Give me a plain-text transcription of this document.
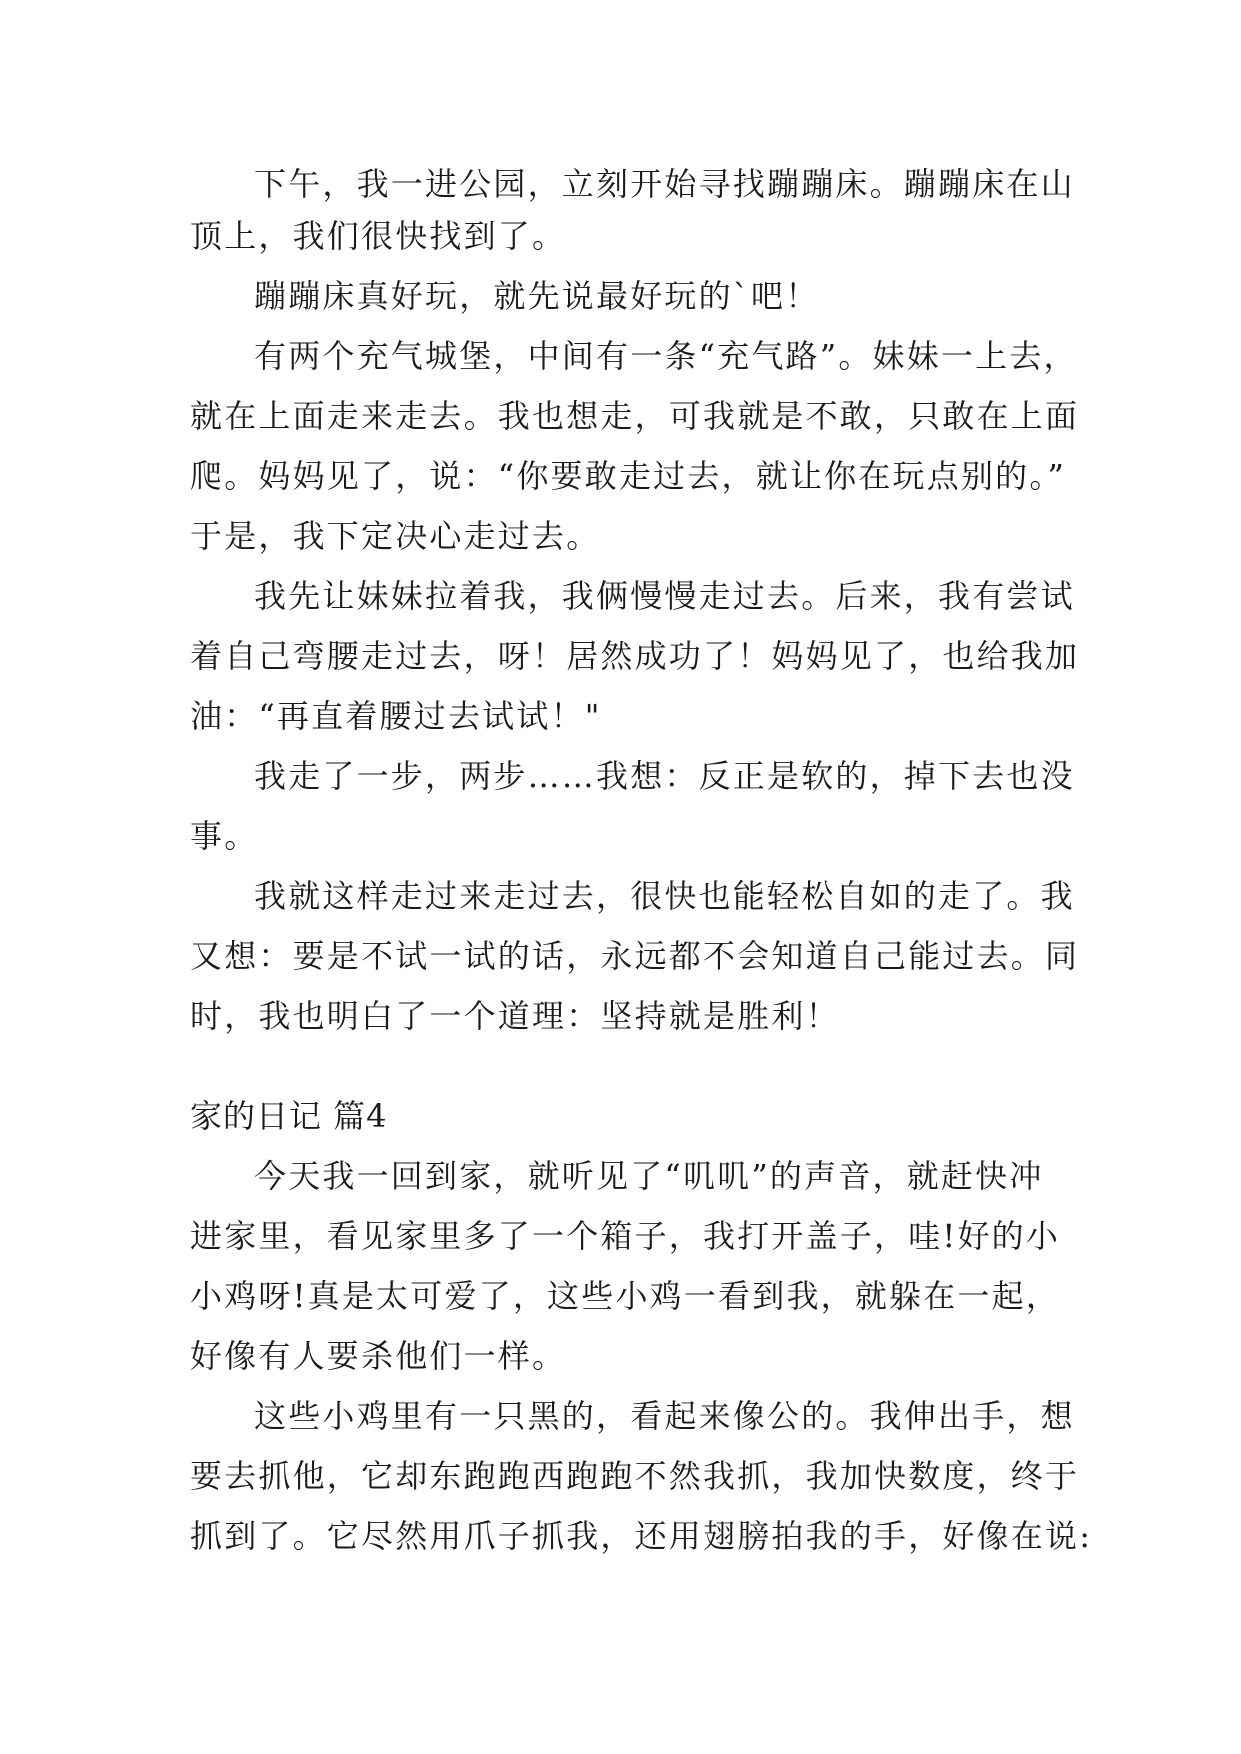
下午，我一进公园，立刻开始寻找蹦蹦床。蹦蹦床在山
顶上，我们很快找到了。
蹦蹦床真好玩，就先说最好玩的`吧！
有两个充气城堡，中间有一条“充气路”。妹妹一上去，
就在上面走来走去。我也想走，可我就是不敢，只敢在上面
爬。妈妈见了，说：“你要敢走过去，就让你在玩点别的。”
于是，我下定决心走过去。
我先让妹妹拉着我，我俩慢慢走过去。后来，我有尝试
着自己弯腰走过去，呀！居然成功了！妈妈见了，也给我加
油：“再直着腰过去试试！"
我走了一步，两步……我想：反正是软的，掉下去也没
事。
我就这样走过来走过去，很快也能轻松自如的走了。我
又想：要是不试一试的话，永远都不会知道自己能过去。同
时，我也明白了一个道理：坚持就是胜利！
家的日记 篇4
今天我一回到家，就听见了“叽叽”的声音，就赶快冲
进家里，看见家里多了一个箱子，我打开盖子，哇!好的小
小鸡呀!真是太可爱了，这些小鸡一看到我，就躲在一起，
好像有人要杀他们一样。
这些小鸡里有一只黑的，看起来像公的。我伸出手，想
要去抓他，它却东跑跑西跑跑不然我抓，我加快数度，终于
抓到了。它尽然用爪子抓我，还用翅膀拍我的手，好像在说:
